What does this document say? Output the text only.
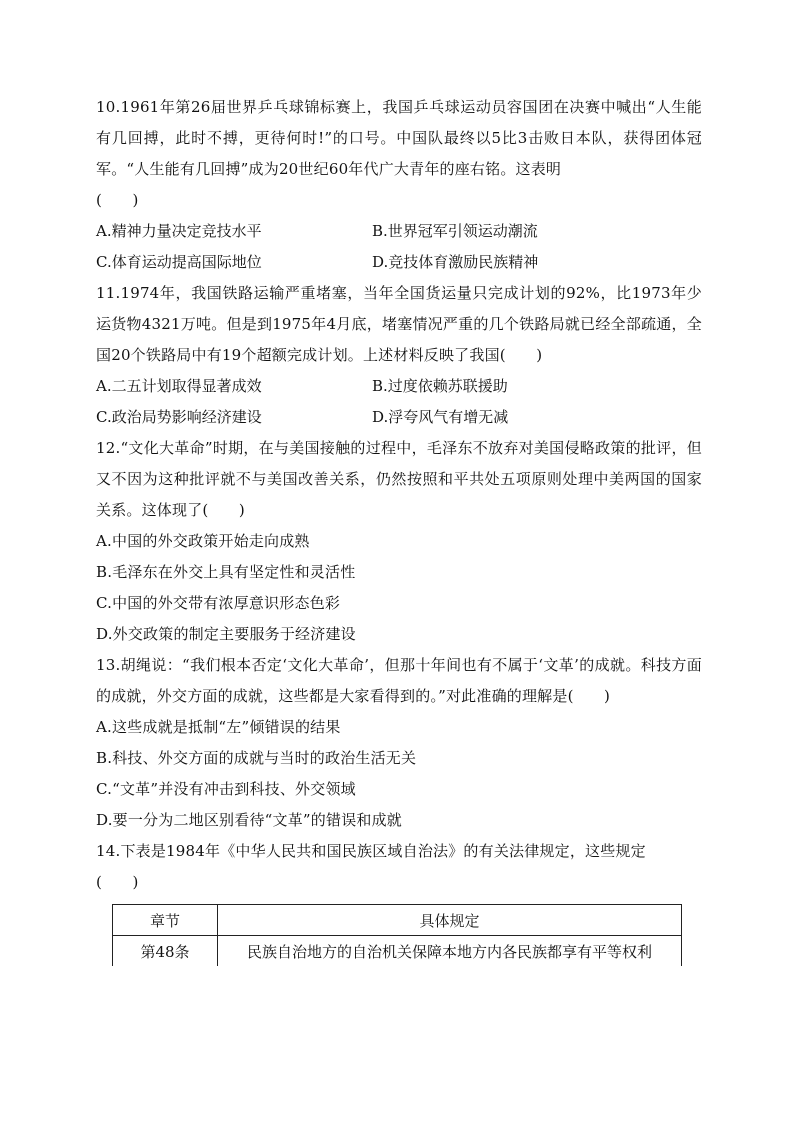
10.1961年第26届世界乒乓球锦标赛上，我国乒乓球运动员容国团在决赛中喊出“人生能有几回搏，此时不搏，更待何时!”的口号。中国队最终以5比3击败日本队，获得团体冠军。“人生能有几回搏”成为20世纪60年代广大青年的座右铭。这表明
(　　)
A.精神力量决定竞技水平	B.世界冠军引领运动潮流
C.体育运动提高国际地位	D.竞技体育激励民族精神
11.1974年，我国铁路运输严重堵塞，当年全国货运量只完成计划的92%，比1973年少运货物4321万吨。但是到1975年4月底，堵塞情况严重的几个铁路局就已经全部疏通，全国20个铁路局中有19个超额完成计划。上述材料反映了我国(　　)
A.二五计划取得显著成效	B.过度依赖苏联援助
C.政治局势影响经济建设	D.浮夸风气有增无减
12.“文化大革命”时期，在与美国接触的过程中，毛泽东不放弃对美国侵略政策的批评，但又不因为这种批评就不与美国改善关系，仍然按照和平共处五项原则处理中美两国的国家关系。这体现了(　　)
A.中国的外交政策开始走向成熟
B.毛泽东在外交上具有坚定性和灵活性
C.中国的外交带有浓厚意识形态色彩
D.外交政策的制定主要服务于经济建设
13.胡绳说：“我们根本否定‘文化大革命’，但那十年间也有不属于‘文革’的成就。科技方面的成就，外交方面的成就，这些都是大家看得到的。”对此准确的理解是(　　)
A.这些成就是抵制“左”倾错误的结果
B.科技、外交方面的成就与当时的政治生活无关
C.“文革”并没有冲击到科技、外交领域
D.要一分为二地区别看待“文革”的错误和成就
14.下表是1984年《中华人民共和国民族区域自治法》的有关法律规定，这些规定
(　　)
章节	具体规定
第48条	民族自治地方的自治机关保障本地方内各民族都享有平等权利
